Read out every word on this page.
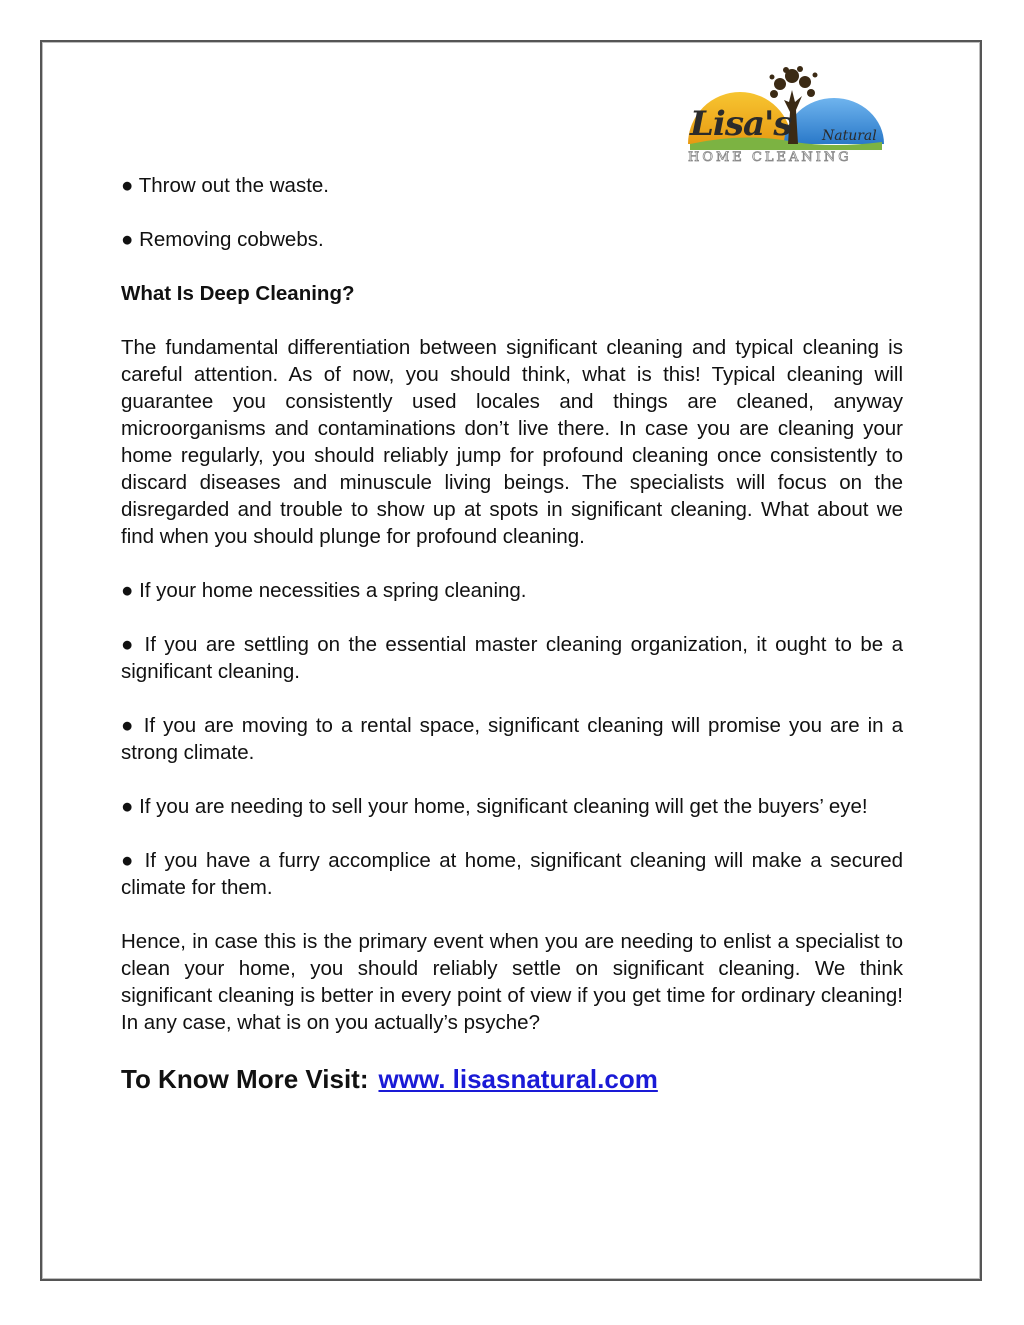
Lisa's Natural
HOME CLEANING

● Throw out the waste.

● Removing cobwebs.

What Is Deep Cleaning?

The fundamental differentiation between significant cleaning and typical cleaning is careful attention. As of now, you should think, what is this! Typical cleaning will guarantee you consistently used locales and things are cleaned, anyway microorganisms and contaminations don’t live there. In case you are cleaning your home regularly, you should reliably jump for profound cleaning once consistently to discard diseases and minuscule living beings. The specialists will focus on the disregarded and trouble to show up at spots in significant cleaning. What about we find when you should plunge for profound cleaning.

● If your home necessities a spring cleaning.

● If you are settling on the essential master cleaning organization, it ought to be a significant cleaning.

● If you are moving to a rental space, significant cleaning will promise you are in a strong climate.

● If you are needing to sell your home, significant cleaning will get the buyers’ eye!

● If you have a furry accomplice at home, significant cleaning will make a secured climate for them.

Hence, in case this is the primary event when you are needing to enlist a specialist to clean your home, you should reliably settle on significant cleaning. We think significant cleaning is better in every point of view if you get time for ordinary cleaning! In any case, what is on you actually’s psyche?

To Know More Visit: www. lisasnatural.com
